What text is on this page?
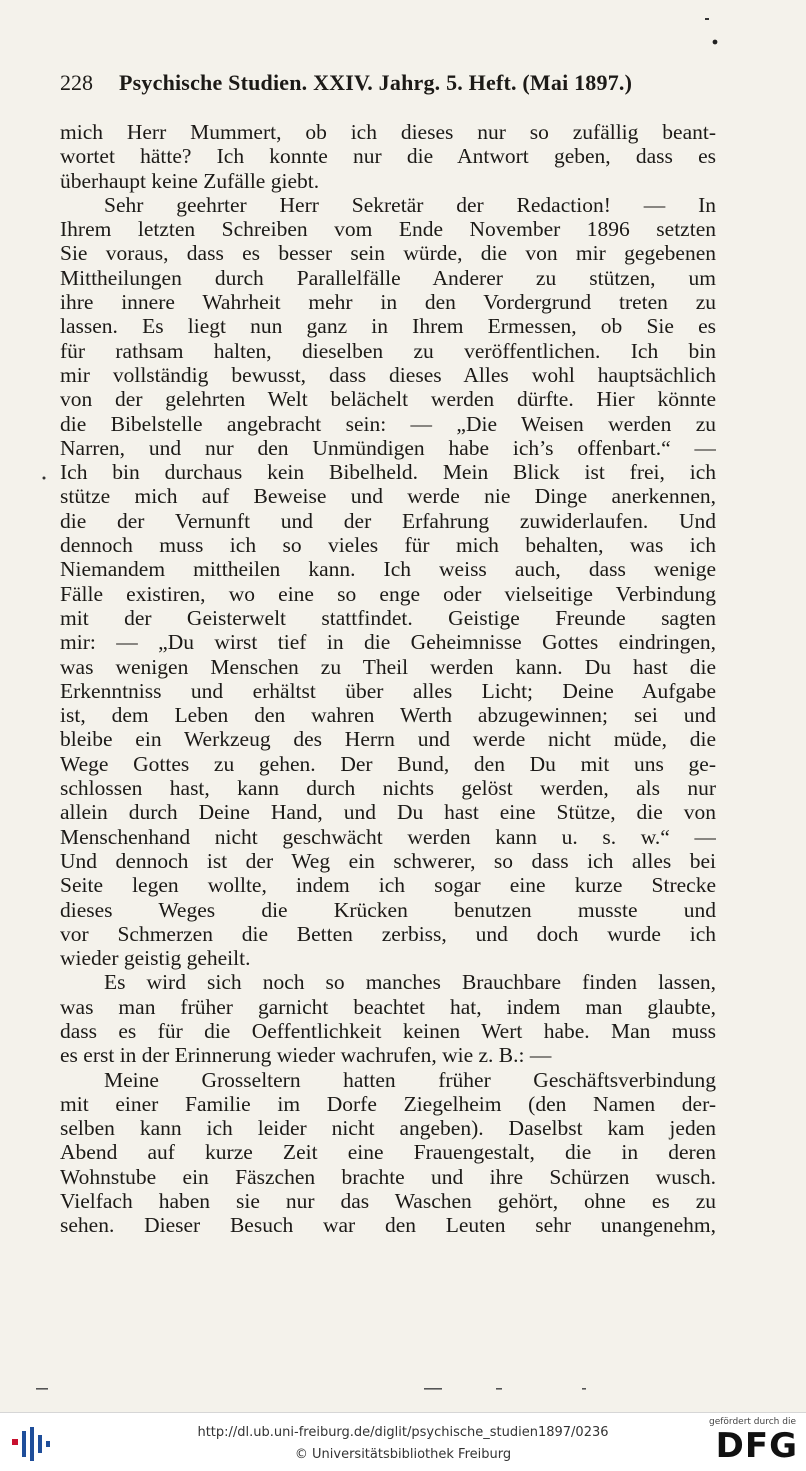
228 Psychische Studien. XXIV. Jahrg. 5. Heft. (Mai 1897.)
mich Herr Mummert, ob ich dieses nur so zufällig beant-
wortet hätte? Ich konnte nur die Antwort geben, dass es
überhaupt keine Zufälle giebt.
Sehr geehrter Herr Sekretär der Redaction! — In
Ihrem letzten Schreiben vom Ende November 1896 setzten
Sie voraus, dass es besser sein würde, die von mir gegebenen
Mittheilungen durch Parallelfälle Anderer zu stützen, um
ihre innere Wahrheit mehr in den Vordergrund treten zu
lassen. Es liegt nun ganz in Ihrem Ermessen, ob Sie es
für rathsam halten, dieselben zu veröffentlichen. Ich bin
mir vollständig bewusst, dass dieses Alles wohl hauptsächlich
von der gelehrten Welt belächelt werden dürfte. Hier könnte
die Bibelstelle angebracht sein: — „Die Weisen werden zu
Narren, und nur den Unmündigen habe ich’s offenbart.“ —
Ich bin durchaus kein Bibelheld. Mein Blick ist frei, ich
stütze mich auf Beweise und werde nie Dinge anerkennen,
die der Vernunft und der Erfahrung zuwiderlaufen. Und
dennoch muss ich so vieles für mich behalten, was ich
Niemandem mittheilen kann. Ich weiss auch, dass wenige
Fälle existiren, wo eine so enge oder vielseitige Verbindung
mit der Geisterwelt stattfindet. Geistige Freunde sagten
mir: — „Du wirst tief in die Geheimnisse Gottes eindringen,
was wenigen Menschen zu Theil werden kann. Du hast die
Erkenntniss und erhältst über alles Licht; Deine Aufgabe
ist, dem Leben den wahren Werth abzugewinnen; sei und
bleibe ein Werkzeug des Herrn und werde nicht müde, die
Wege Gottes zu gehen. Der Bund, den Du mit uns ge-
schlossen hast, kann durch nichts gelöst werden, als nur
allein durch Deine Hand, und Du hast eine Stütze, die von
Menschenhand nicht geschwächt werden kann u. s. w.“ —
Und dennoch ist der Weg ein schwerer, so dass ich alles bei
Seite legen wollte, indem ich sogar eine kurze Strecke
dieses Weges die Krücken benutzen musste und
vor Schmerzen die Betten zerbiss, und doch wurde ich
wieder geistig geheilt.
Es wird sich noch so manches Brauchbare finden lassen,
was man früher garnicht beachtet hat, indem man glaubte,
dass es für die Oeffentlichkeit keinen Wert habe. Man muss
es erst in der Erinnerung wieder wachrufen, wie z. B.: —
Meine Grosseltern hatten früher Geschäftsverbindung
mit einer Familie im Dorfe Ziegelheim (den Namen der-
selben kann ich leider nicht angeben). Daselbst kam jeden
Abend auf kurze Zeit eine Frauengestalt, die in deren
Wohnstube ein Fäszchen brachte und ihre Schürzen wusch.
Vielfach haben sie nur das Waschen gehört, ohne es zu
sehen. Dieser Besuch war den Leuten sehr unangenehm,
http://dl.ub.uni-freiburg.de/diglit/psychische_studien1897/0236
© Universitätsbibliothek Freiburg
gefördert durch die
DFG
